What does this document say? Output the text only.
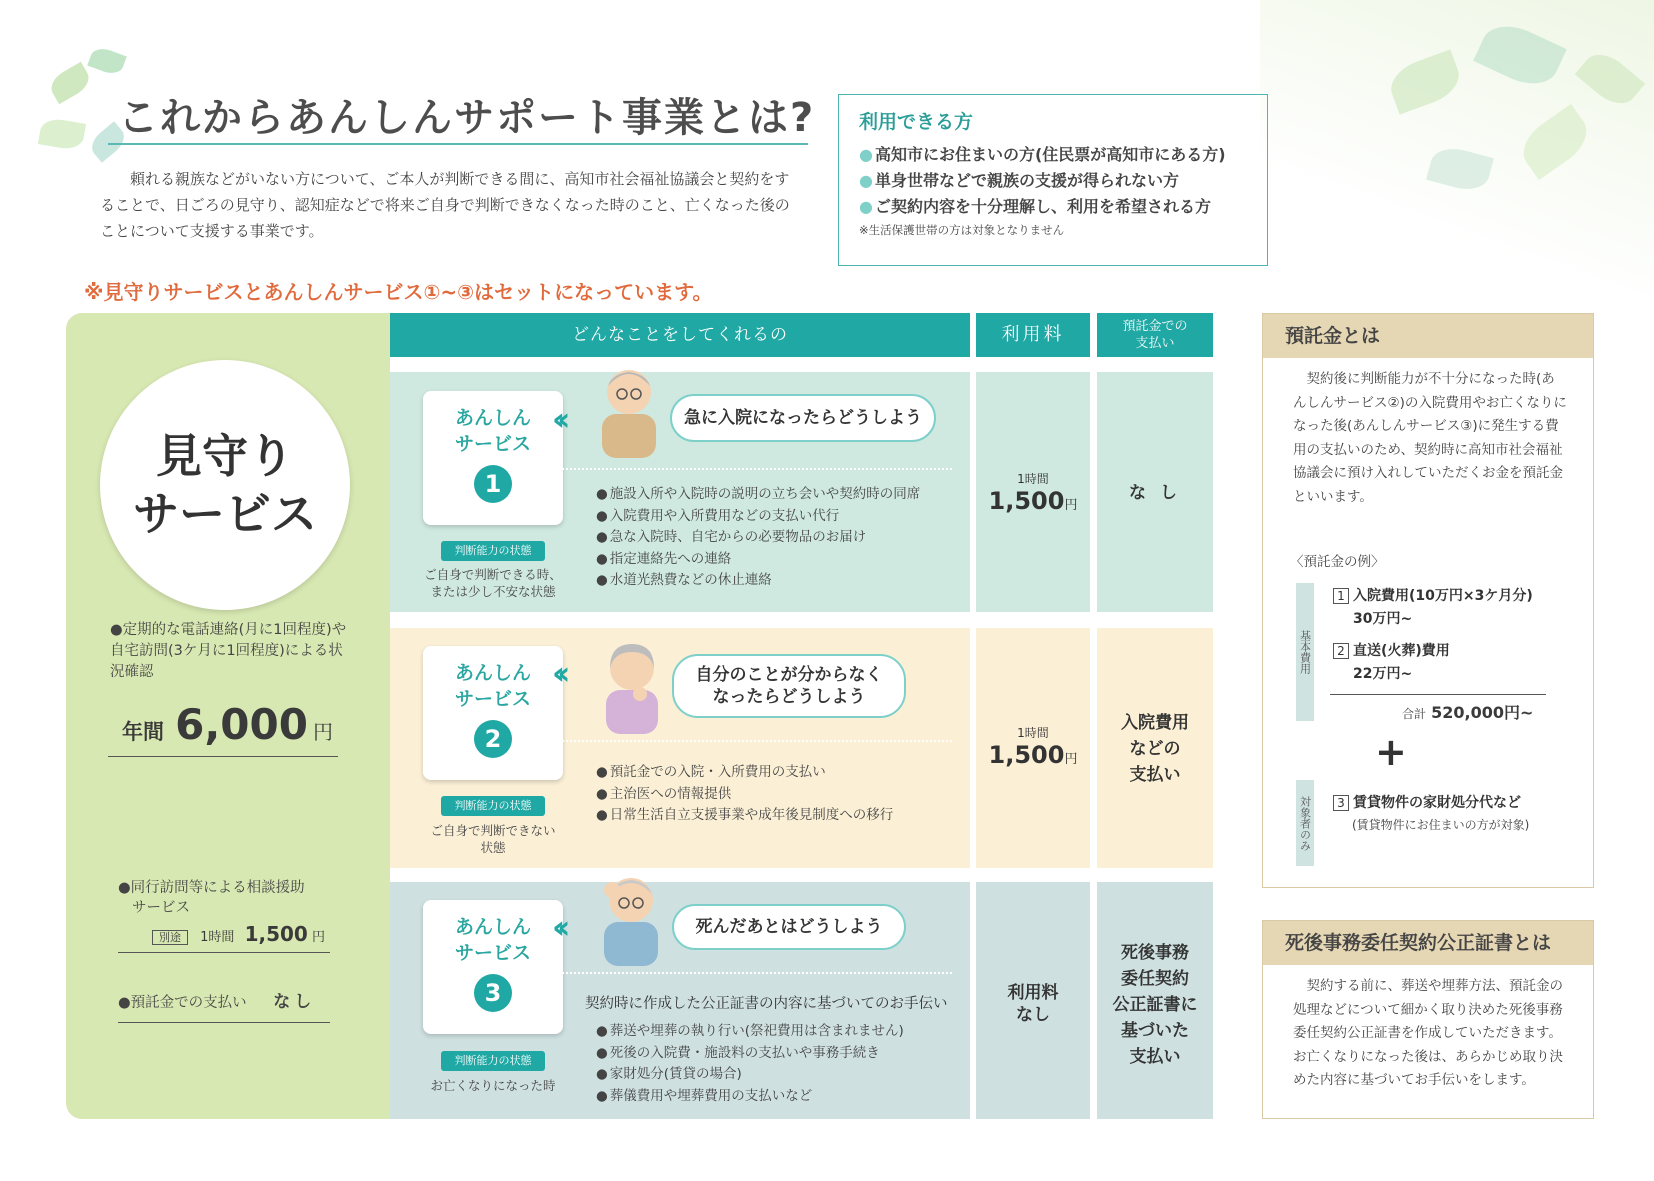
これからあんしんサポート事業とは?
頼れる親族などがいない方について、ご本人が判断できる間に、高知市社会福祉協議会と契約をすることで、日ごろの見守り、認知症などで将来ご自身で判断できなくなった時のこと、亡くなった後のことについて支援する事業です。
※見守りサービスとあんしんサービス①~③はセットになっています。
利用できる方
● 高知市にお住まいの方(住民票が高知市にある方)
● 単身世帯などで親族の支援が得られない方
● ご契約内容を十分理解し、利用を希望される方
※生活保護世帯の方は対象となりません
見守り
サービス
●定期的な電話連絡(月に1回程度)や自宅訪問(3ケ月に1回程度)による状況確認
年間 6,000 円
●同行訪問等による相談援助
サービス
別途 1時間 1,500 円
●預託金での支払い なし
どんなことをしてくれるの	利用料	預託金での
支払い
あんしん
サービス
1
‹‹	急に入院になったらどうしよう
判断能力の状態
ご自身で判断できる時、
または少し不安な状態
● 施設入所や入院時の説明の立ち会いや契約時の同席
● 入院費用や入所費用などの支払い代行
● 急な入院時、自宅からの必要物品のお届け
● 指定連絡先への連絡
● 水道光熱費などの休止連絡
1時間
1,500円
な し
あんしん
サービス
2
‹‹	自分のことが分からなく
なったらどうしよう
判断能力の状態
ご自身で判断できない
状態
● 預託金での入院・入所費用の支払い
● 主治医への情報提供
● 日常生活自立支援事業や成年後見制度への移行
1時間
1,500円
入院費用
などの
支払い
あんしん
サービス
3
‹‹	死んだあとはどうしよう
契約時に作成した公正証書の内容に基づいてのお手伝い
判断能力の状態
お亡くなりになった時
● 葬送や埋葬の執り行い(祭祀費用は含まれません)
● 死後の入院費・施設料の支払いや事務手続き
● 家財処分(賃貸の場合)
● 葬儀費用や埋葬費用の支払いなど
利用料
なし
死後事務
委任契約
公正証書に
基づいた
支払い
預託金とは
契約後に判断能力が不十分になった時(あんしんサービス②)の入院費用やお亡くなりになった後(あんしんサービス③)に発生する費用の支払いのため、契約時に高知市社会福祉協議会に預け入れしていただくお金を預託金といいます。
〈預託金の例〉
基本費用
1 入院費用(10万円×3ケ月分)
30万円~
2 直送(火葬)費用
22万円~
合計 520,000円~
+
対象者のみ	3 賃貸物件の家財処分代など
(賃貸物件にお住まいの方が対象)
死後事務委任契約公正証書とは
契約する前に、葬送や埋葬方法、預託金の処理などについて細かく取り決めた死後事務委任契約公正証書を作成していただきます。お亡くなりになった後は、あらかじめ取り決めた内容に基づいてお手伝いをします。
